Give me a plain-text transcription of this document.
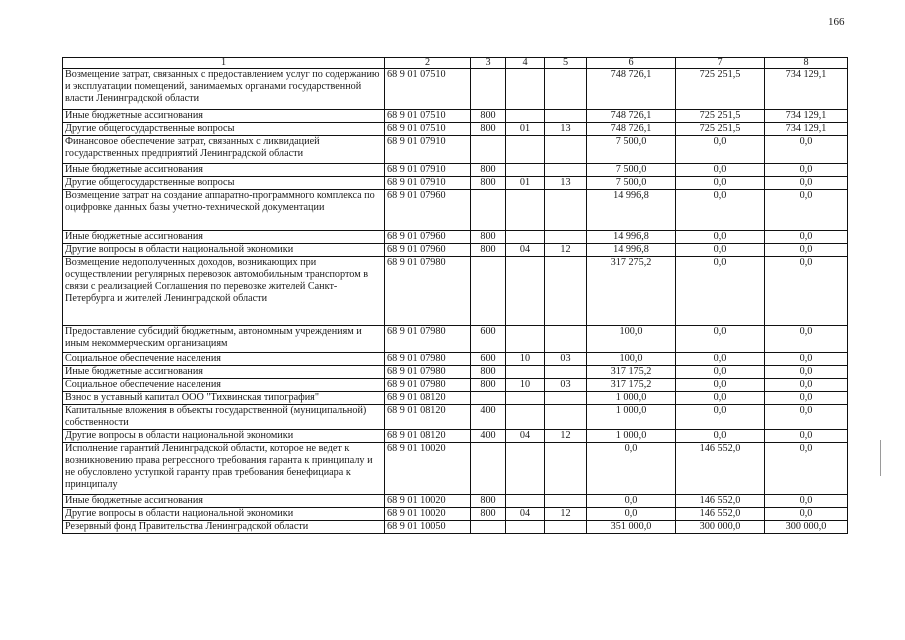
166
1	2	3	4	5	6	7	8
Возмещение затрат, связанных с предоставлением услуг по содержанию и эксплуатации помещений, занимаемых органами государственной власти Ленинградской области	68 9 01 07510				748 726,1	725 251,5	734 129,1
Иные бюджетные ассигнования	68 9 01 07510	800			748 726,1	725 251,5	734 129,1
Другие общегосударственные вопросы	68 9 01 07510	800	01	13	748 726,1	725 251,5	734 129,1
Финансовое обеспечение затрат, связанных с ликвидацией государственных предприятий Ленинградской области	68 9 01 07910				7 500,0	0,0	0,0
Иные бюджетные ассигнования	68 9 01 07910	800			7 500,0	0,0	0,0
Другие общегосударственные вопросы	68 9 01 07910	800	01	13	7 500,0	0,0	0,0
Возмещение затрат на создание аппаратно-программного комплекса по оцифровке данных базы учетно-технической документации	68 9 01 07960				14 996,8	0,0	0,0
Иные бюджетные ассигнования	68 9 01 07960	800			14 996,8	0,0	0,0
Другие вопросы в области национальной экономики	68 9 01 07960	800	04	12	14 996,8	0,0	0,0
Возмещение недополученных доходов, возникающих при осуществлении регулярных перевозок автомобильным транспортом в связи с реализацией Соглашения по перевозке жителей Санкт-Петербурга и жителей Ленинградской области	68 9 01 07980				317 275,2	0,0	0,0
Предоставление субсидий бюджетным, автономным учреждениям и иным некоммерческим организациям	68 9 01 07980	600			100,0	0,0	0,0
Социальное обеспечение населения	68 9 01 07980	600	10	03	100,0	0,0	0,0
Иные бюджетные ассигнования	68 9 01 07980	800			317 175,2	0,0	0,0
Социальное обеспечение населения	68 9 01 07980	800	10	03	317 175,2	0,0	0,0
Взнос в уставный капитал ООО "Тихвинская типография"	68 9 01 08120				1 000,0	0,0	0,0
Капитальные вложения в объекты государственной (муниципальной) собственности	68 9 01 08120	400			1 000,0	0,0	0,0
Другие вопросы в области национальной экономики	68 9 01 08120	400	04	12	1 000,0	0,0	0,0
Исполнение гарантий Ленинградской области, которое не ведет к возникновению права регрессного требования гаранта к принципалу и не обусловлено уступкой гаранту прав требования бенефициара к принципалу	68 9 01 10020				0,0	146 552,0	0,0
Иные бюджетные ассигнования	68 9 01 10020	800			0,0	146 552,0	0,0
Другие вопросы в области национальной экономики	68 9 01 10020	800	04	12	0,0	146 552,0	0,0
Резервный фонд Правительства Ленинградской области	68 9 01 10050				351 000,0	300 000,0	300 000,0
